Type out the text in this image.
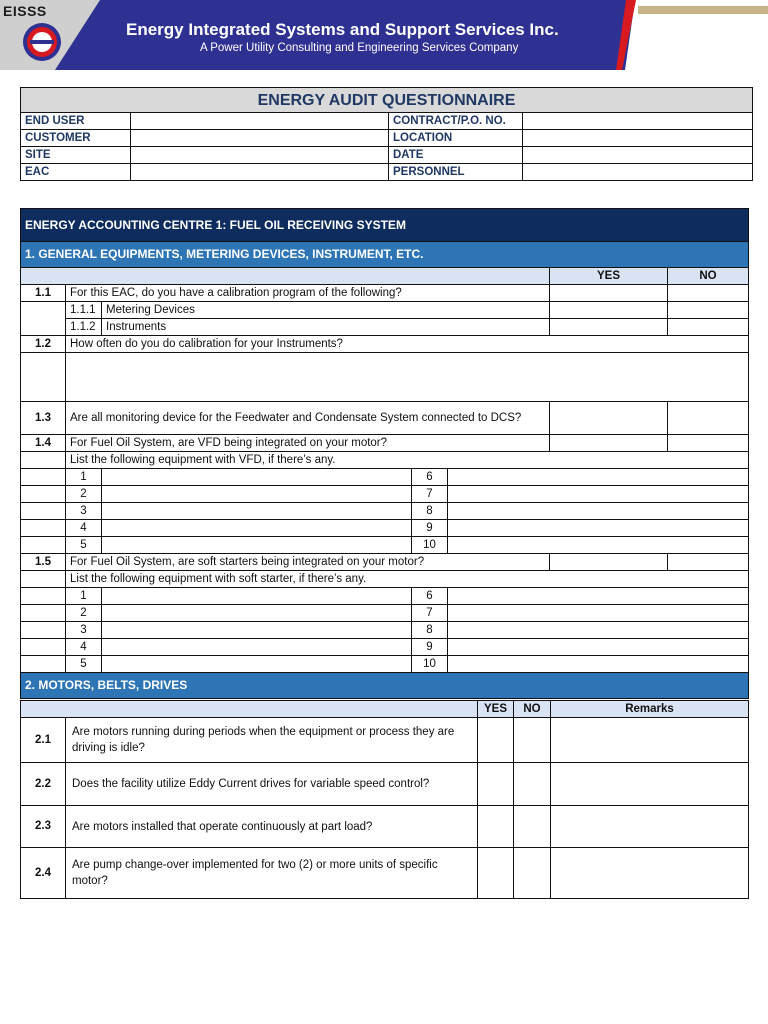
EISSS
Energy Integrated Systems and Support Services Inc.
A Power Utility Consulting and Engineering Services Company
ENERGY AUDIT QUESTIONNAIRE			
END USER		CONTRACT/P.O. NO.	
CUSTOMER		LOCATION	
SITE		DATE	
EAC		PERSONNEL	
ENERGY ACCOUNTING CENTRE 1: FUEL OIL RECEIVING SYSTEM						
1. GENERAL EQUIPMENTS, METERING DEVICES, INSTRUMENT, ETC.						
					YES	NO
1.1	For this EAC, do you have a calibration program of the following?					
	1.1.1	Metering Devices				
	1.1.2	Instruments				
1.2	How often do you do calibration for your Instruments?					

1.3	Are all monitoring device for the Feedwater and Condensate System connected to DCS?					
1.4	For Fuel Oil System, are VFD being integrated on your motor?					
	List the following equipment with VFD, if there’s any.					
	1		6			
	2		7			
	3		8			
	4		9			
	5		10			
1.5	For Fuel Oil System, are soft starters being integrated on your motor?					
	List the following equipment with soft starter, if there’s any.					
	1		6			
	2		7			
	3		8			
	4		9			
	5		10			
2. MOTORS, BELTS, DRIVES						
		YES	NO	Remarks
2.1	Are motors running during periods when the equipment or process they are driving is idle?			
2.2	Does the facility utilize Eddy Current drives for variable speed control?			
2.3	Are motors installed that operate continuously at part load?			
2.4	Are pump change-over implemented for two (2) or more units of specific motor?			
